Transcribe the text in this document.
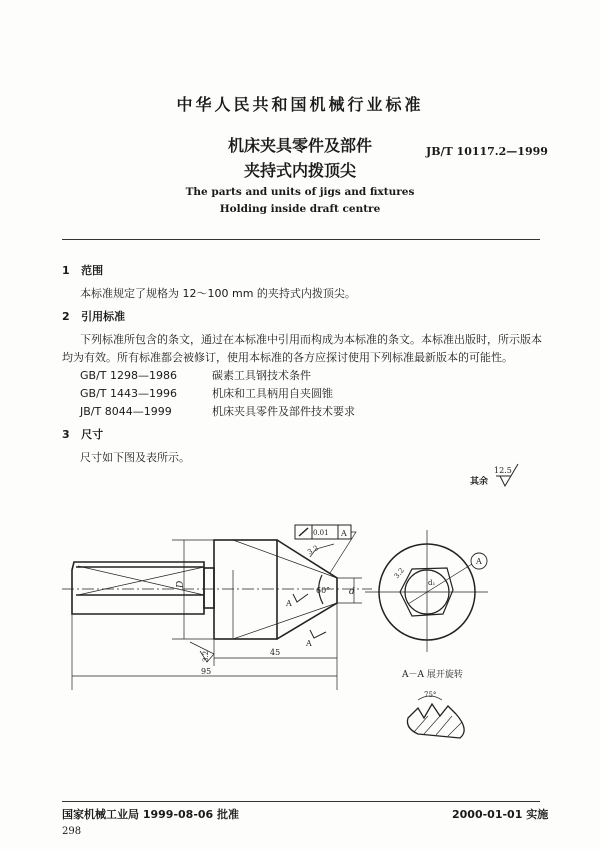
中华人民共和国机械行业标准
机床夹具零件及部件
夹持式内拨顶尖
JB/T 10117.2—1999
The parts and units of jigs and fixtures
Holding inside draft centre
1 范围
本标准规定了规格为 12～100 mm 的夹持式内拨顶尖。
2 引用标准
下列标准所包含的条文，通过在本标准中引用而构成为本标准的条文。本标准出版时，所示版本均为有效。所有标准都会被修订，使用本标准的各方应探讨使用下列标准最新版本的可能性。
GB/T 1298—1986	碳素工具钢技术条件
GB/T 1443—1996	机床和工具柄用自夹圆锥
JB/T 8044—1999	机床夹具零件及部件技术要求
3 尺寸
尺寸如下图及表所示。
其余
12.5
60°
D
d
0.01 A
3.2
A
A
3.2	45
95
A
d₁
3.2
A－A 展开旋转
75°
国家机械工业局 1999-08-06 批准	2000-01-01 实施
298
